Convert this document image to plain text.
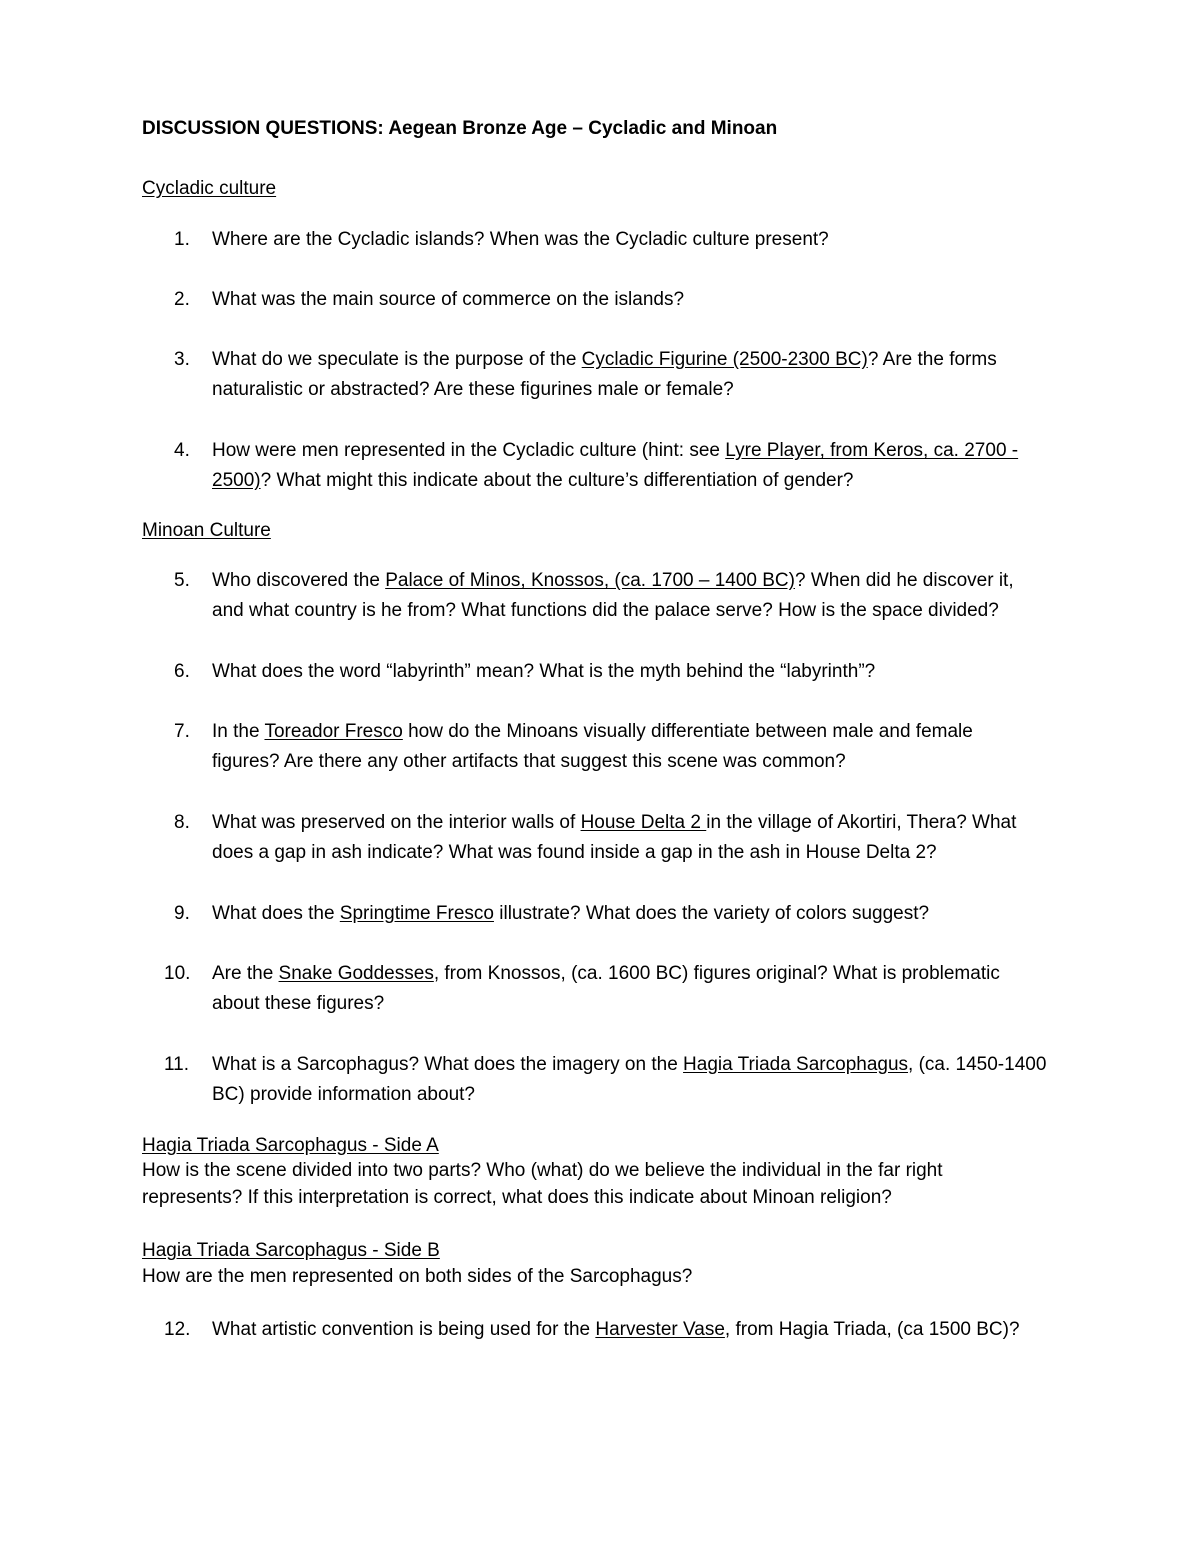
DISCUSSION QUESTIONS: Aegean Bronze Age – Cycladic and Minoan
Cycladic culture
1. Where are the Cycladic islands? When was the Cycladic culture present?
2. What was the main source of commerce on the islands?
3. What do we speculate is the purpose of the Cycladic Figurine (2500-2300 BC)? Are the forms
naturalistic or abstracted? Are these figurines male or female?
4. How were men represented in the Cycladic culture (hint: see Lyre Player, from Keros, ca. 2700 -
2500)? What might this indicate about the culture’s differentiation of gender?
Minoan Culture
5. Who discovered the Palace of Minos, Knossos, (ca. 1700 – 1400 BC)? When did he discover it,
and what country is he from? What functions did the palace serve? How is the space divided?
6. What does the word “labyrinth” mean? What is the myth behind the “labyrinth”?
7. In the Toreador Fresco how do the Minoans visually differentiate between male and female
figures? Are there any other artifacts that suggest this scene was common?
8. What was preserved on the interior walls of House Delta 2 in the village of Akortiri, Thera? What
does a gap in ash indicate? What was found inside a gap in the ash in House Delta 2?
9. What does the Springtime Fresco illustrate? What does the variety of colors suggest?
10. Are the Snake Goddesses, from Knossos, (ca. 1600 BC) figures original? What is problematic
about these figures?
11. What is a Sarcophagus? What does the imagery on the Hagia Triada Sarcophagus, (ca. 1450-1400
BC) provide information about?
Hagia Triada Sarcophagus - Side A
How is the scene divided into two parts? Who (what) do we believe the individual in the far right
represents? If this interpretation is correct, what does this indicate about Minoan religion?
Hagia Triada Sarcophagus - Side B
How are the men represented on both sides of the Sarcophagus?
12. What artistic convention is being used for the Harvester Vase, from Hagia Triada, (ca 1500 BC)?
